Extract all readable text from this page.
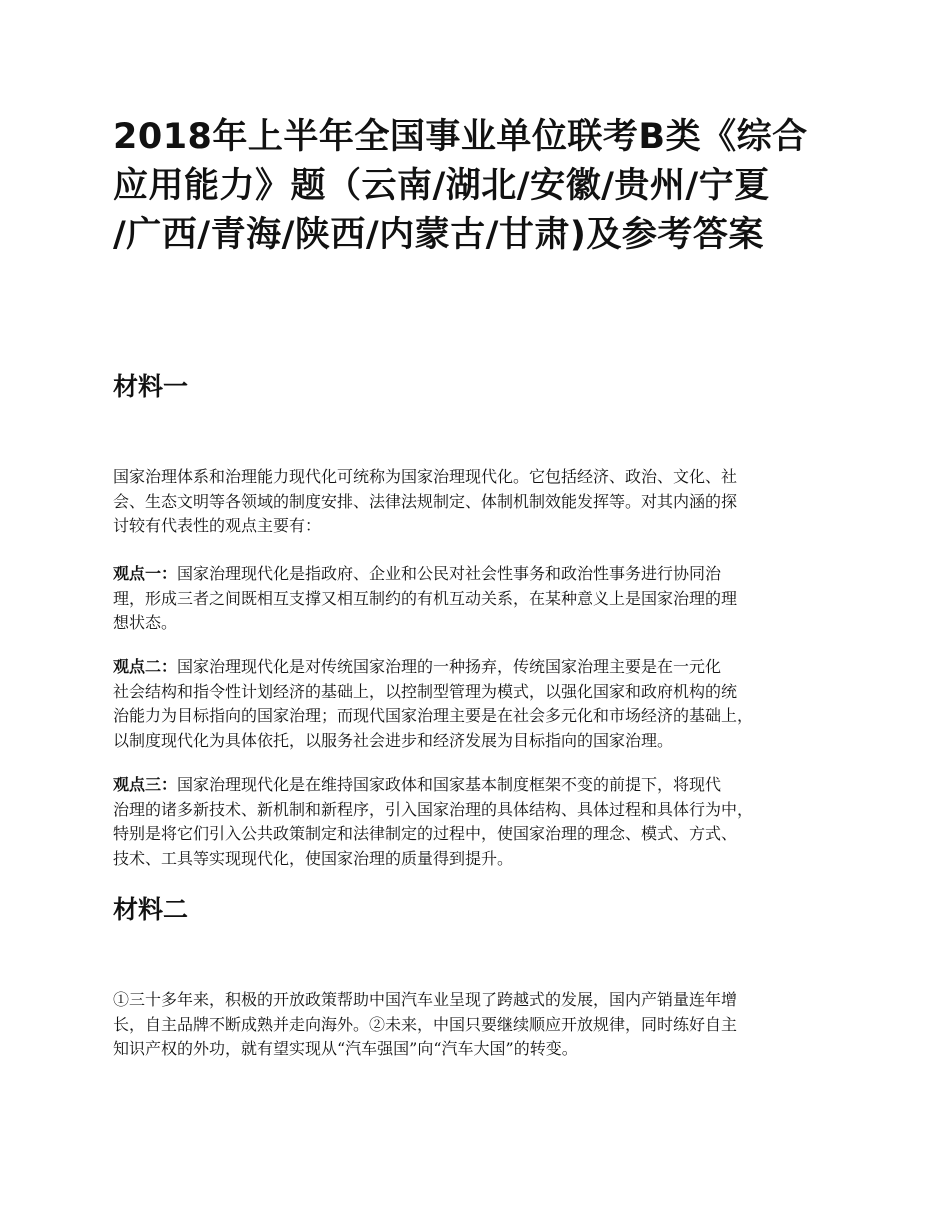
2018年上半年全国事业单位联考B类《综合
应用能力》题（云南/湖北/安徽/贵州/宁夏
/广西/青海/陕西/内蒙古/甘肃)及参考答案
材料一

国家治理体系和治理能力现代化可统称为国家治理现代化。它包括经济、政治、文化、社
会、生态文明等各领域的制度安排、法律法规制定、体制机制效能发挥等。对其内涵的探
讨较有代表性的观点主要有：

观点一：国家治理现代化是指政府、企业和公民对社会性事务和政治性事务进行协同治
理，形成三者之间既相互支撑又相互制约的有机互动关系，在某种意义上是国家治理的理
想状态。

观点二：国家治理现代化是对传统国家治理的一种扬弃，传统国家治理主要是在一元化
社会结构和指令性计划经济的基础上，以控制型管理为模式，以强化国家和政府机构的统
治能力为目标指向的国家治理；而现代国家治理主要是在社会多元化和市场经济的基础上，
以制度现代化为具体依托，以服务社会进步和经济发展为目标指向的国家治理。

观点三：国家治理现代化是在维持国家政体和国家基本制度框架不变的前提下，将现代
治理的诸多新技术、新机制和新程序，引入国家治理的具体结构、具体过程和具体行为中，
特别是将它们引入公共政策制定和法律制定的过程中，使国家治理的理念、模式、方式、
技术、工具等实现现代化，使国家治理的质量得到提升。

材料二

①三十多年来，积极的开放政策帮助中国汽车业呈现了跨越式的发展，国内产销量连年增
长，自主品牌不断成熟并走向海外。②未来，中国只要继续顺应开放规律，同时练好自主
知识产权的外功，就有望实现从“汽车强国”向“汽车大国”的转变。
